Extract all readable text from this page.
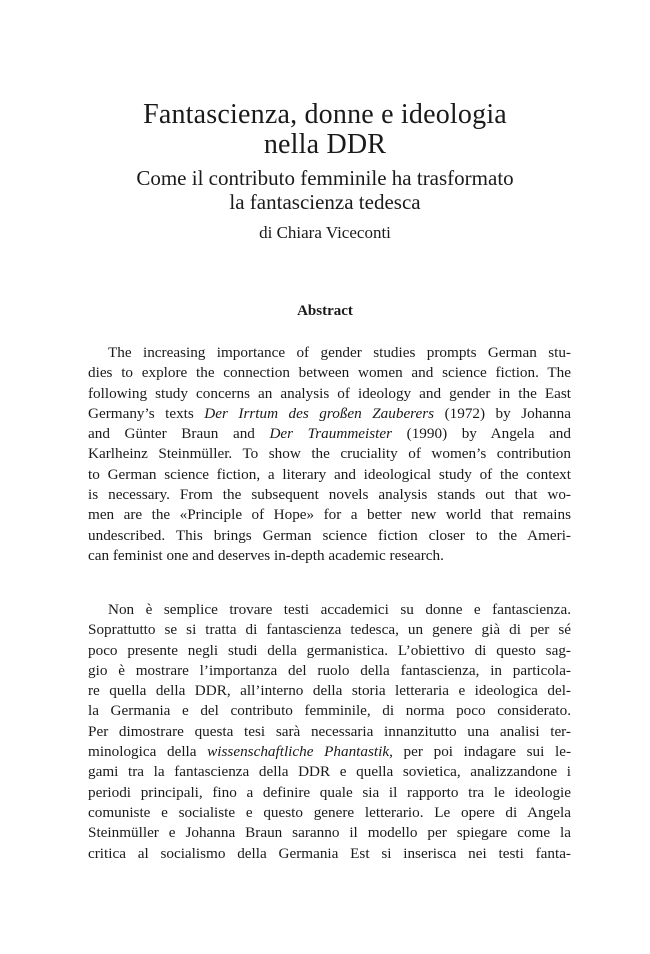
Fantascienza, donne e ideologia
nella DDR
Come il contributo femminile ha trasformato
la fantascienza tedesca
di Chiara Viceconti
Abstract
The increasing importance of gender studies prompts German stu-
dies to explore the connection between women and science fiction. The
following study concerns an analysis of ideology and gender in the East
Germany’s texts Der Irrtum des großen Zauberers (1972) by Johanna
and Günter Braun and Der Traummeister (1990) by Angela and
Karlheinz Steinmüller. To show the cruciality of women’s contribution
to German science fiction, a literary and ideological study of the context
is necessary. From the subsequent novels analysis stands out that wo-
men are the «Principle of Hope» for a better new world that remains
undescribed. This brings German science fiction closer to the Ameri-
can feminist one and deserves in-depth academic research.
Non è semplice trovare testi accademici su donne e fantascienza.
Soprattutto se si tratta di fantascienza tedesca, un genere già di per sé
poco presente negli studi della germanistica. L’obiettivo di questo sag-
gio è mostrare l’importanza del ruolo della fantascienza, in particola-
re quella della DDR, all’interno della storia letteraria e ideologica del-
la Germania e del contributo femminile, di norma poco considerato.
Per dimostrare questa tesi sarà necessaria innanzitutto una analisi ter-
minologica della wissenschaftliche Phantastik, per poi indagare sui le-
gami tra la fantascienza della DDR e quella sovietica, analizzandone i
periodi principali, fino a definire quale sia il rapporto tra le ideologie
comuniste e socialiste e questo genere letterario. Le opere di Angela
Steinmüller e Johanna Braun saranno il modello per spiegare come la
critica al socialismo della Germania Est si inserisca nei testi fanta-
